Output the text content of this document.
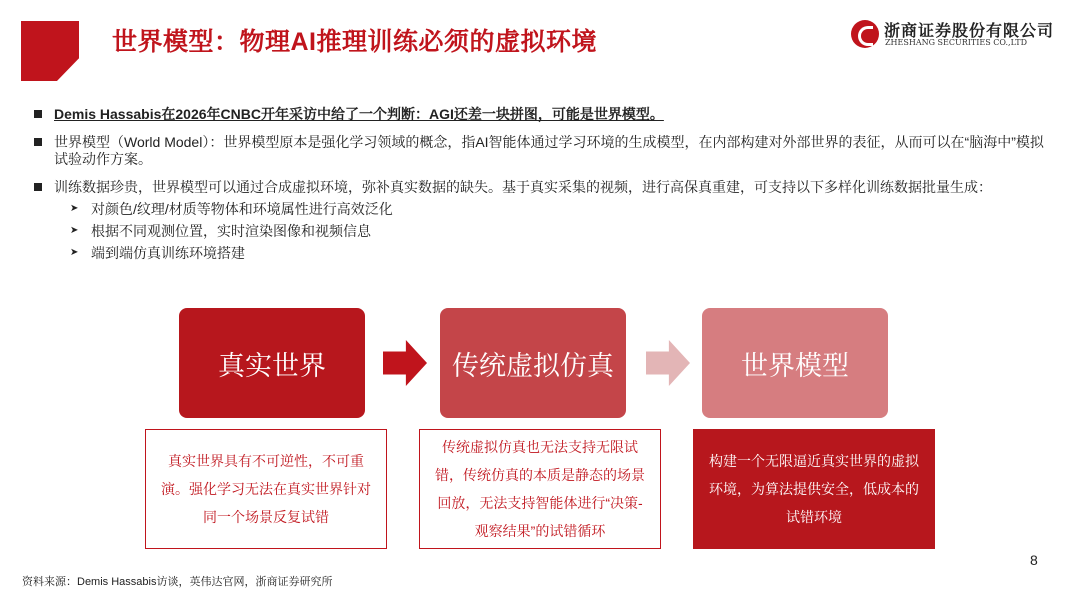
世界模型：物理AI推理训练必须的虚拟环境	浙商证券股份有限公司
ZHESHANG SECURITIES CO.,LTD
Demis Hassabis在2026年CNBC开年采访中给了一个判断：AGI还差一块拼图，可能是世界模型。
世界模型（World Model）：世界模型原本是强化学习领域的概念，指AI智能体通过学习环境的生成模型，在内部构建对外部世界的表征，从而可以在“脑海中”模拟试验动作方案。
训练数据珍贵，世界模型可以通过合成虚拟环境，弥补真实数据的缺失。基于真实采集的视频，进行高保真重建，可支持以下多样化训练数据批量生成：
➤ 对颜色/纹理/材质等物体和环境属性进行高效泛化
➤ 根据不同观测位置，实时渲染图像和视频信息
➤ 端到端仿真训练环境搭建
真实世界	传统虚拟仿真	世界模型
真实世界具有不可逆性，不可重演。强化学习无法在真实世界针对同一个场景反复试错
传统虚拟仿真也无法支持无限试错，传统仿真的本质是静态的场景回放，无法支持智能体进行“决策-观察结果”的试错循环
构建一个无限逼近真实世界的虚拟环境，为算法提供安全，低成本的试错环境
8
资料来源：Demis Hassabis访谈，英伟达官网，浙商证券研究所
